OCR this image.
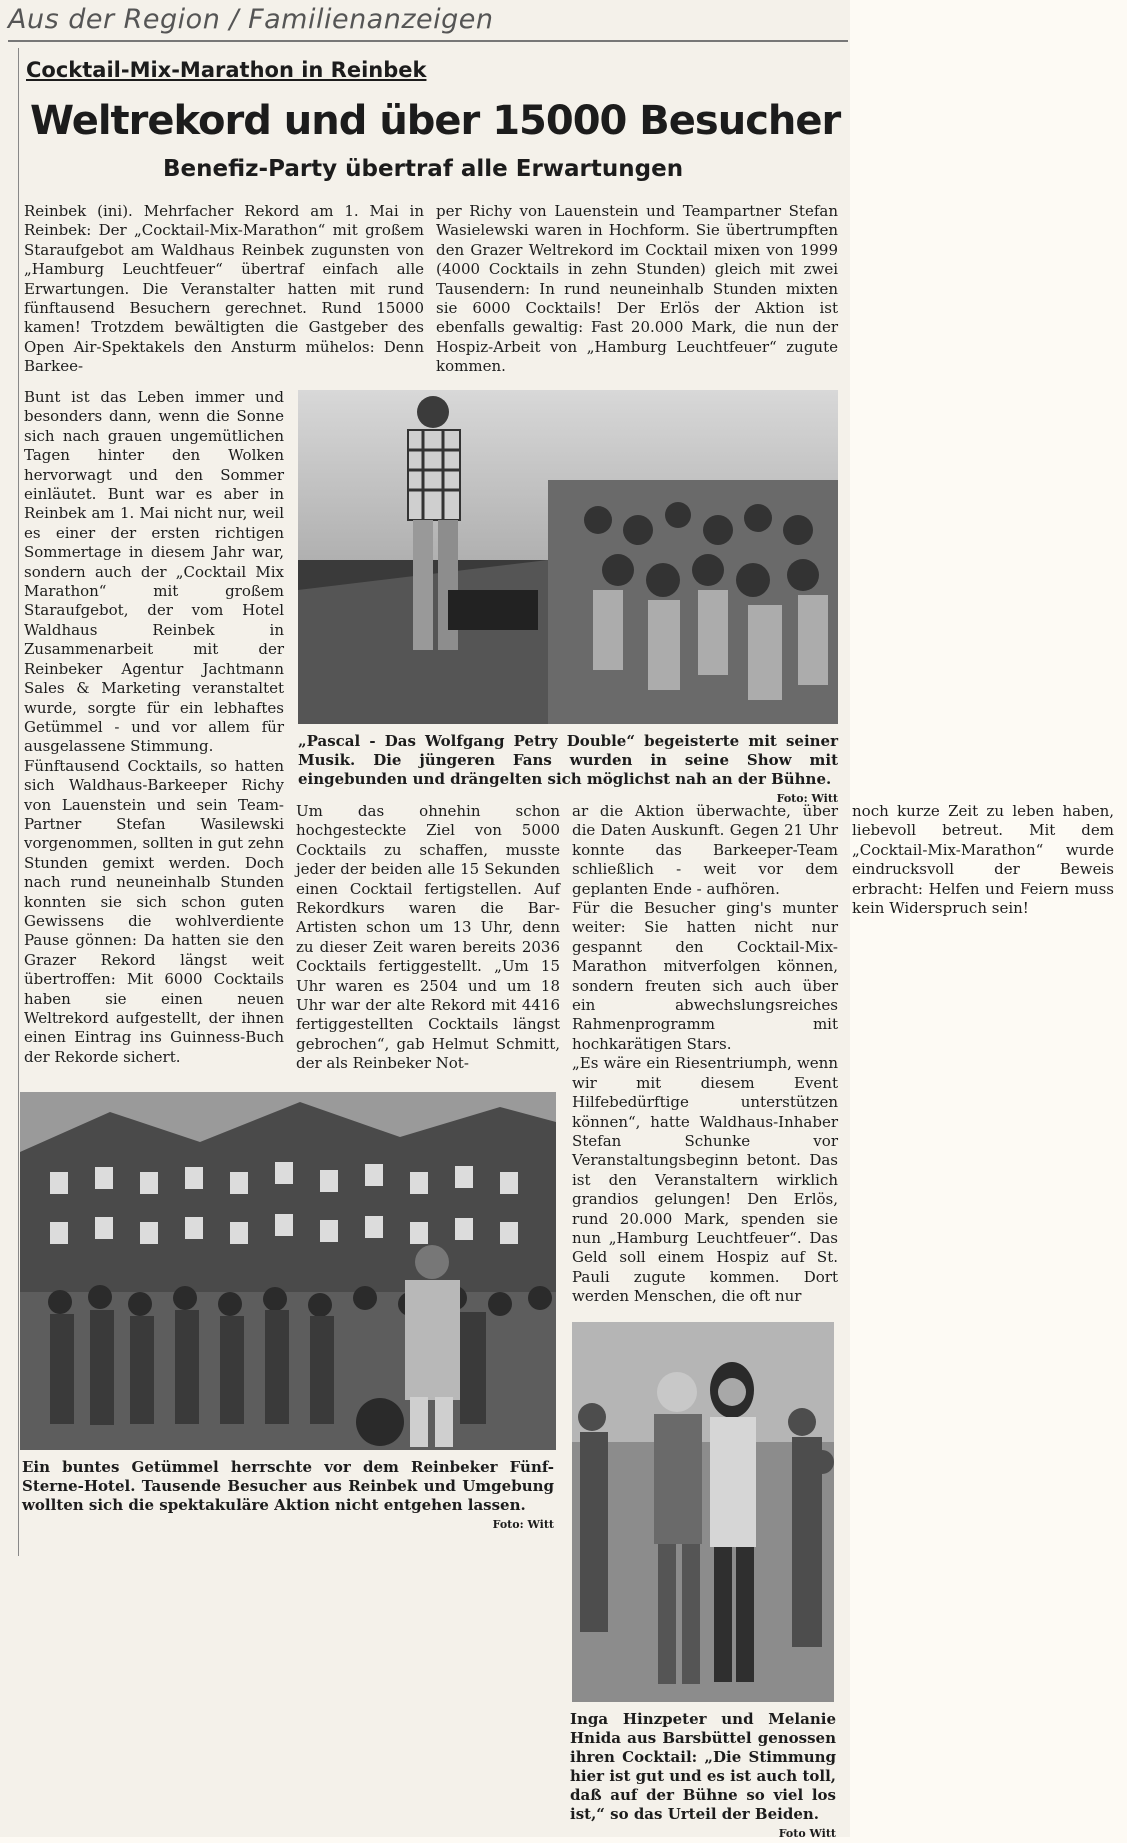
Aus der Region / Familienanzeigen
Cocktail-Mix-Marathon in Reinbek
Weltrekord und über 15000 Besucher
Benefiz-Party übertraf alle Erwartungen

Reinbek (ini). Mehrfacher Rekord am 1. Mai in Reinbek: Der „Cocktail-Mix-Marathon“ mit großem Staraufgebot am Waldhaus Reinbek zugunsten von „Hamburg Leuchtfeuer“ übertraf einfach alle Erwartungen. Die Veranstalter hatten mit rund fünftausend Besuchern gerechnet. Rund 15000 kamen! Trotzdem bewältigten die Gastgeber des Open Air-Spektakels den Ansturm mühelos: Denn Barkee-

per Richy von Lauenstein und Teampartner Stefan Wasielewski waren in Hochform. Sie übertrumpften den Grazer Weltrekord im Cocktail mixen von 1999 (4000 Cocktails in zehn Stunden) gleich mit zwei Tausendern: In rund neuneinhalb Stunden mixten sie 6000 Cocktails! Der Erlös der Aktion ist ebenfalls gewaltig: Fast 20.000 Mark, die nun der Hospiz-Arbeit von „Hamburg Leuchtfeuer“ zugute kommen.

„Pascal - Das Wolfgang Petry Double“ begeisterte mit seiner Musik. Die jüngeren Fans wurden in seine Show mit eingebunden und drängelten sich möglichst nah an der Bühne.
Foto: Witt

Bunt ist das Leben immer und besonders dann, wenn die Sonne sich nach grauen ungemütlichen Tagen hinter den Wolken hervorwagt und den Sommer einläutet. Bunt war es aber in Reinbek am 1. Mai nicht nur, weil es einer der ersten richtigen Sommertage in diesem Jahr war, sondern auch der „Cocktail Mix Marathon“ mit großem Staraufgebot, der vom Hotel Waldhaus Reinbek in Zusammenarbeit mit der Reinbeker Agentur Jachtmann Sales & Marketing veranstaltet wurde, sorgte für ein lebhaftes Getümmel - und vor allem für ausgelassene Stimmung.

Fünftausend Cocktails, so hatten sich Waldhaus-Barkeeper Richy von Lauenstein und sein Team-Partner Stefan Wasilewski vorgenommen, sollten in gut zehn Stunden gemixt werden. Doch nach rund neuneinhalb Stunden konnten sie sich schon guten Gewissens die wohlverdiente Pause gönnen: Da hatten sie den Grazer Rekord längst weit übertroffen: Mit 6000 Cocktails haben sie einen neuen Weltrekord aufgestellt, der ihnen einen Eintrag ins Guinness-Buch der Rekorde sichert.

Um das ohnehin schon hochgesteckte Ziel von 5000 Cocktails zu schaffen, musste jeder der beiden alle 15 Sekunden einen Cocktail fertigstellen. Auf Rekordkurs waren die Bar-Artisten schon um 13 Uhr, denn zu dieser Zeit waren bereits 2036 Cocktails fertiggestellt. „Um 15 Uhr waren es 2504 und um 18 Uhr war der alte Rekord mit 4416 fertiggestellten Cocktails längst gebrochen“, gab Helmut Schmitt, der als Reinbeker Not-

ar die Aktion überwachte, über die Daten Auskunft. Gegen 21 Uhr konnte das Barkeeper-Team schließlich - weit vor dem geplanten Ende - aufhören.

Für die Besucher ging's munter weiter: Sie hatten nicht nur gespannt den Cocktail-Mix-Marathon mitverfolgen können, sondern freuten sich auch über ein abwechslungsreiches Rahmenprogramm mit hochkarätigen Stars.

„Es wäre ein Riesentriumph, wenn wir mit diesem Event Hilfebedürftige unterstützen können“, hatte Waldhaus-Inhaber Stefan Schunke vor Veranstaltungsbeginn betont. Das ist den Veranstaltern wirklich grandios gelungen! Den Erlös, rund 20.000 Mark, spenden sie nun „Hamburg Leuchtfeuer“. Das Geld soll einem Hospiz auf St. Pauli zugute kommen. Dort werden Menschen, die oft nur

noch kurze Zeit zu leben haben, liebevoll betreut. Mit dem „Cocktail-Mix-Marathon“ wurde eindrucksvoll der Beweis erbracht: Helfen und Feiern muss kein Widerspruch sein!

Ein buntes Getümmel herrschte vor dem Reinbeker Fünf-Sterne-Hotel. Tausende Besucher aus Reinbek und Umgebung wollten sich die spektakuläre Aktion nicht entgehen lassen.
Foto: Witt
Inga Hinzpeter und Melanie Hnida aus Barsbüttel genossen ihren Cocktail: „Die Stimmung hier ist gut und es ist auch toll, daß auf der Bühne so viel los ist,“ so das Urteil der Beiden.
Foto Witt
